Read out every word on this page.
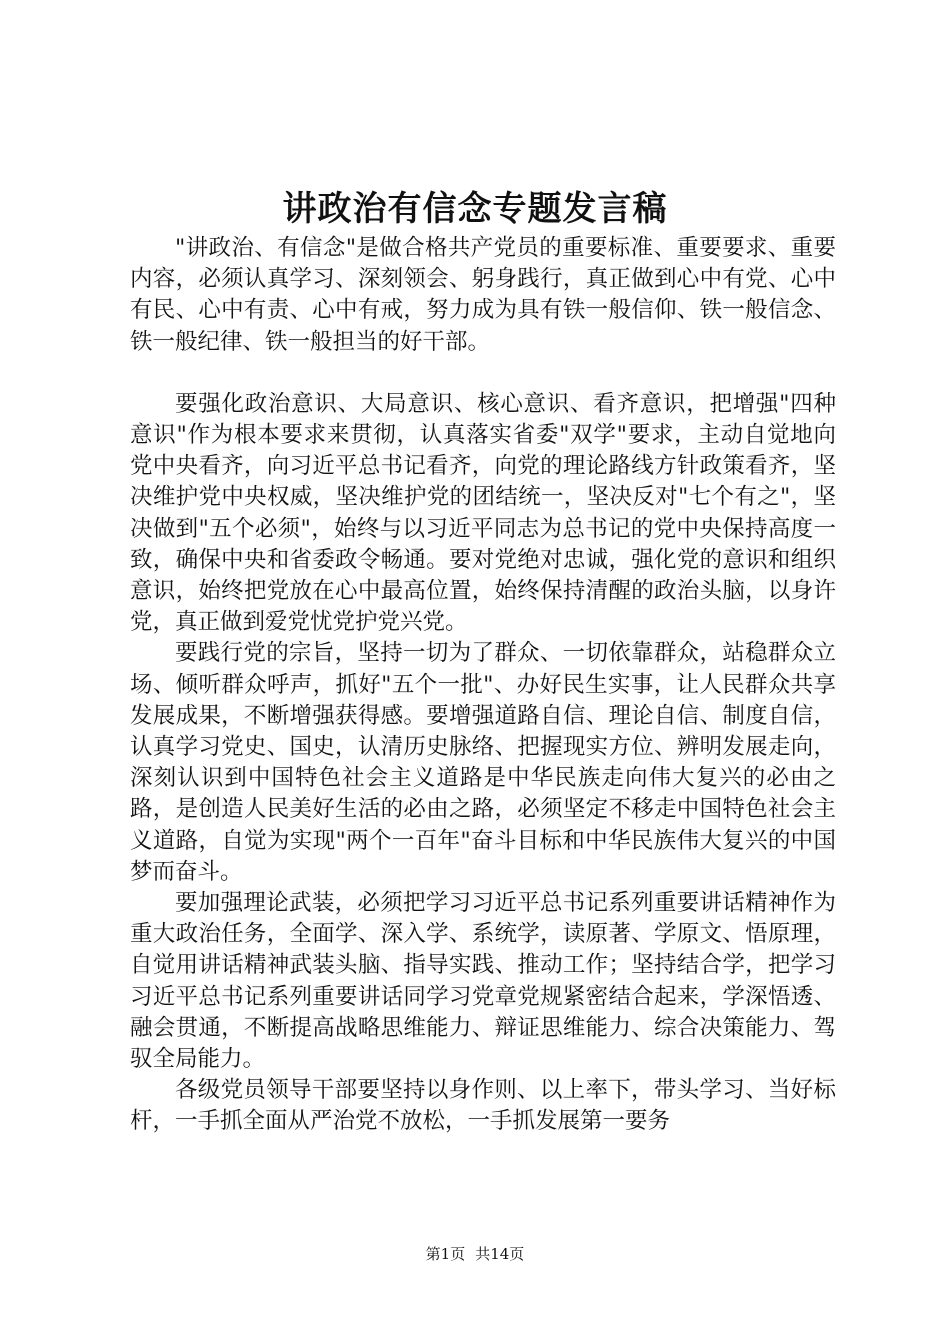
讲政治有信念专题发言稿

"讲政治、有信念"是做合格共产党员的重要标准、重要要求、重要内容，必须认真学习、深刻领会、躬身践行，真正做到心中有党、心中有民、心中有责、心中有戒，努力成为具有铁一般信仰、铁一般信念、铁一般纪律、铁一般担当的好干部。

要强化政治意识、大局意识、核心意识、看齐意识，把增强"四种意识"作为根本要求来贯彻，认真落实省委"双学"要求，主动自觉地向党中央看齐，向习近平总书记看齐，向党的理论路线方针政策看齐，坚决维护党中央权威，坚决维护党的团结统一，坚决反对"七个有之"，坚决做到"五个必须"，始终与以习近平同志为总书记的党中央保持高度一致，确保中央和省委政令畅通。要对党绝对忠诚，强化党的意识和组织意识，始终把党放在心中最高位置，始终保持清醒的政治头脑，以身许党，真正做到爱党忧党护党兴党。

要践行党的宗旨，坚持一切为了群众、一切依靠群众，站稳群众立场、倾听群众呼声，抓好"五个一批"、办好民生实事，让人民群众共享发展成果，不断增强获得感。要增强道路自信、理论自信、制度自信，认真学习党史、国史，认清历史脉络、把握现实方位、辨明发展走向，深刻认识到中国特色社会主义道路是中华民族走向伟大复兴的必由之路，是创造人民美好生活的必由之路，必须坚定不移走中国特色社会主义道路，自觉为实现"两个一百年"奋斗目标和中华民族伟大复兴的中国梦而奋斗。

要加强理论武装，必须把学习习近平总书记系列重要讲话精神作为重大政治任务，全面学、深入学、系统学，读原著、学原文、悟原理，自觉用讲话精神武装头脑、指导实践、推动工作；坚持结合学，把学习习近平总书记系列重要讲话同学习党章党规紧密结合起来，学深悟透、融会贯通，不断提高战略思维能力、辩证思维能力、综合决策能力、驾驭全局能力。

各级党员领导干部要坚持以身作则、以上率下，带头学习、当好标杆，一手抓全面从严治党不放松，一手抓发展第一要务

第1页 共14页
